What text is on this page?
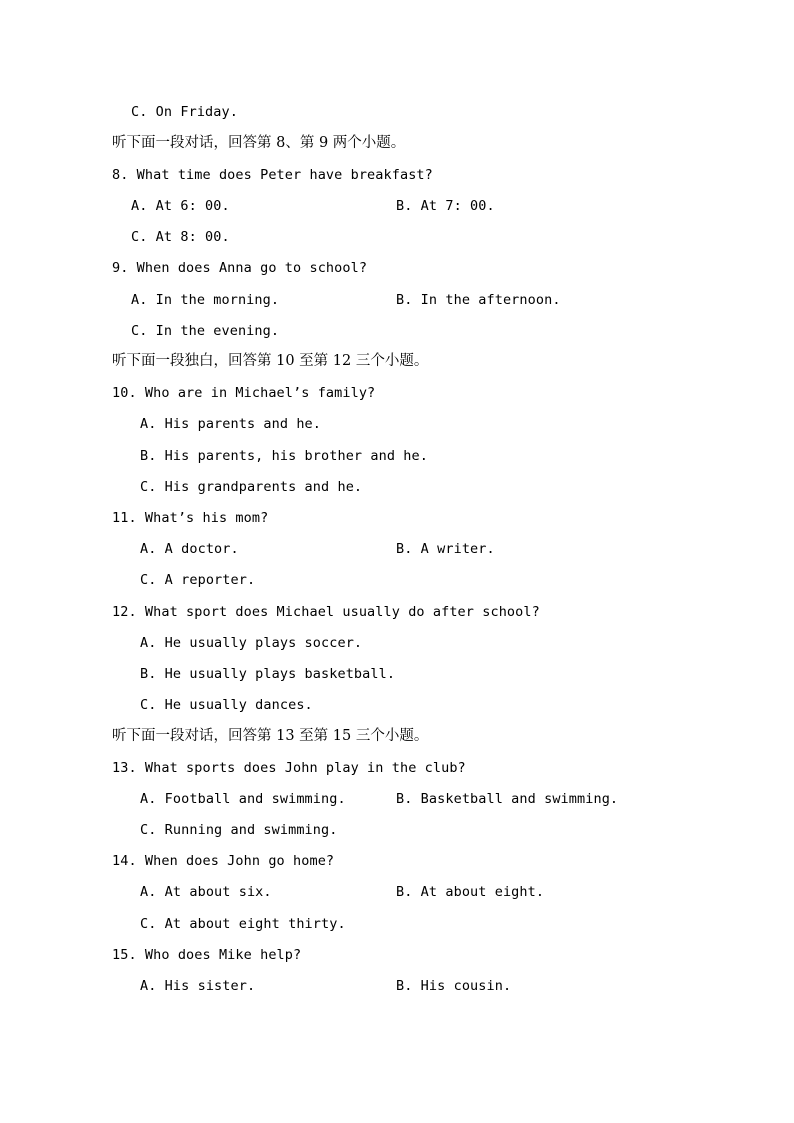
C. On Friday.
听下面一段对话，回答第 8、第 9 两个小题。
8. What time does Peter have breakfast?
A. At 6: 00.	B. At 7: 00.
C. At 8: 00.
9. When does Anna go to school?
A. In the morning.	B. In the afternoon.
C. In the evening.
听下面一段独白，回答第 10 至第 12 三个小题。
10. Who are in Michael’s family?
A. His parents and he.
B. His parents, his brother and he.
C. His grandparents and he.
11. What’s his mom?
A. A doctor.	B. A writer.
C. A reporter.
12. What sport does Michael usually do after school?
A. He usually plays soccer.
B. He usually plays basketball.
C. He usually dances.
听下面一段对话，回答第 13 至第 15 三个小题。
13. What sports does John play in the club?
A. Football and swimming.	B. Basketball and swimming.
C. Running and swimming.
14. When does John go home?
A. At about six.	B. At about eight.
C. At about eight thirty.
15. Who does Mike help?
A. His sister.	B. His cousin.
